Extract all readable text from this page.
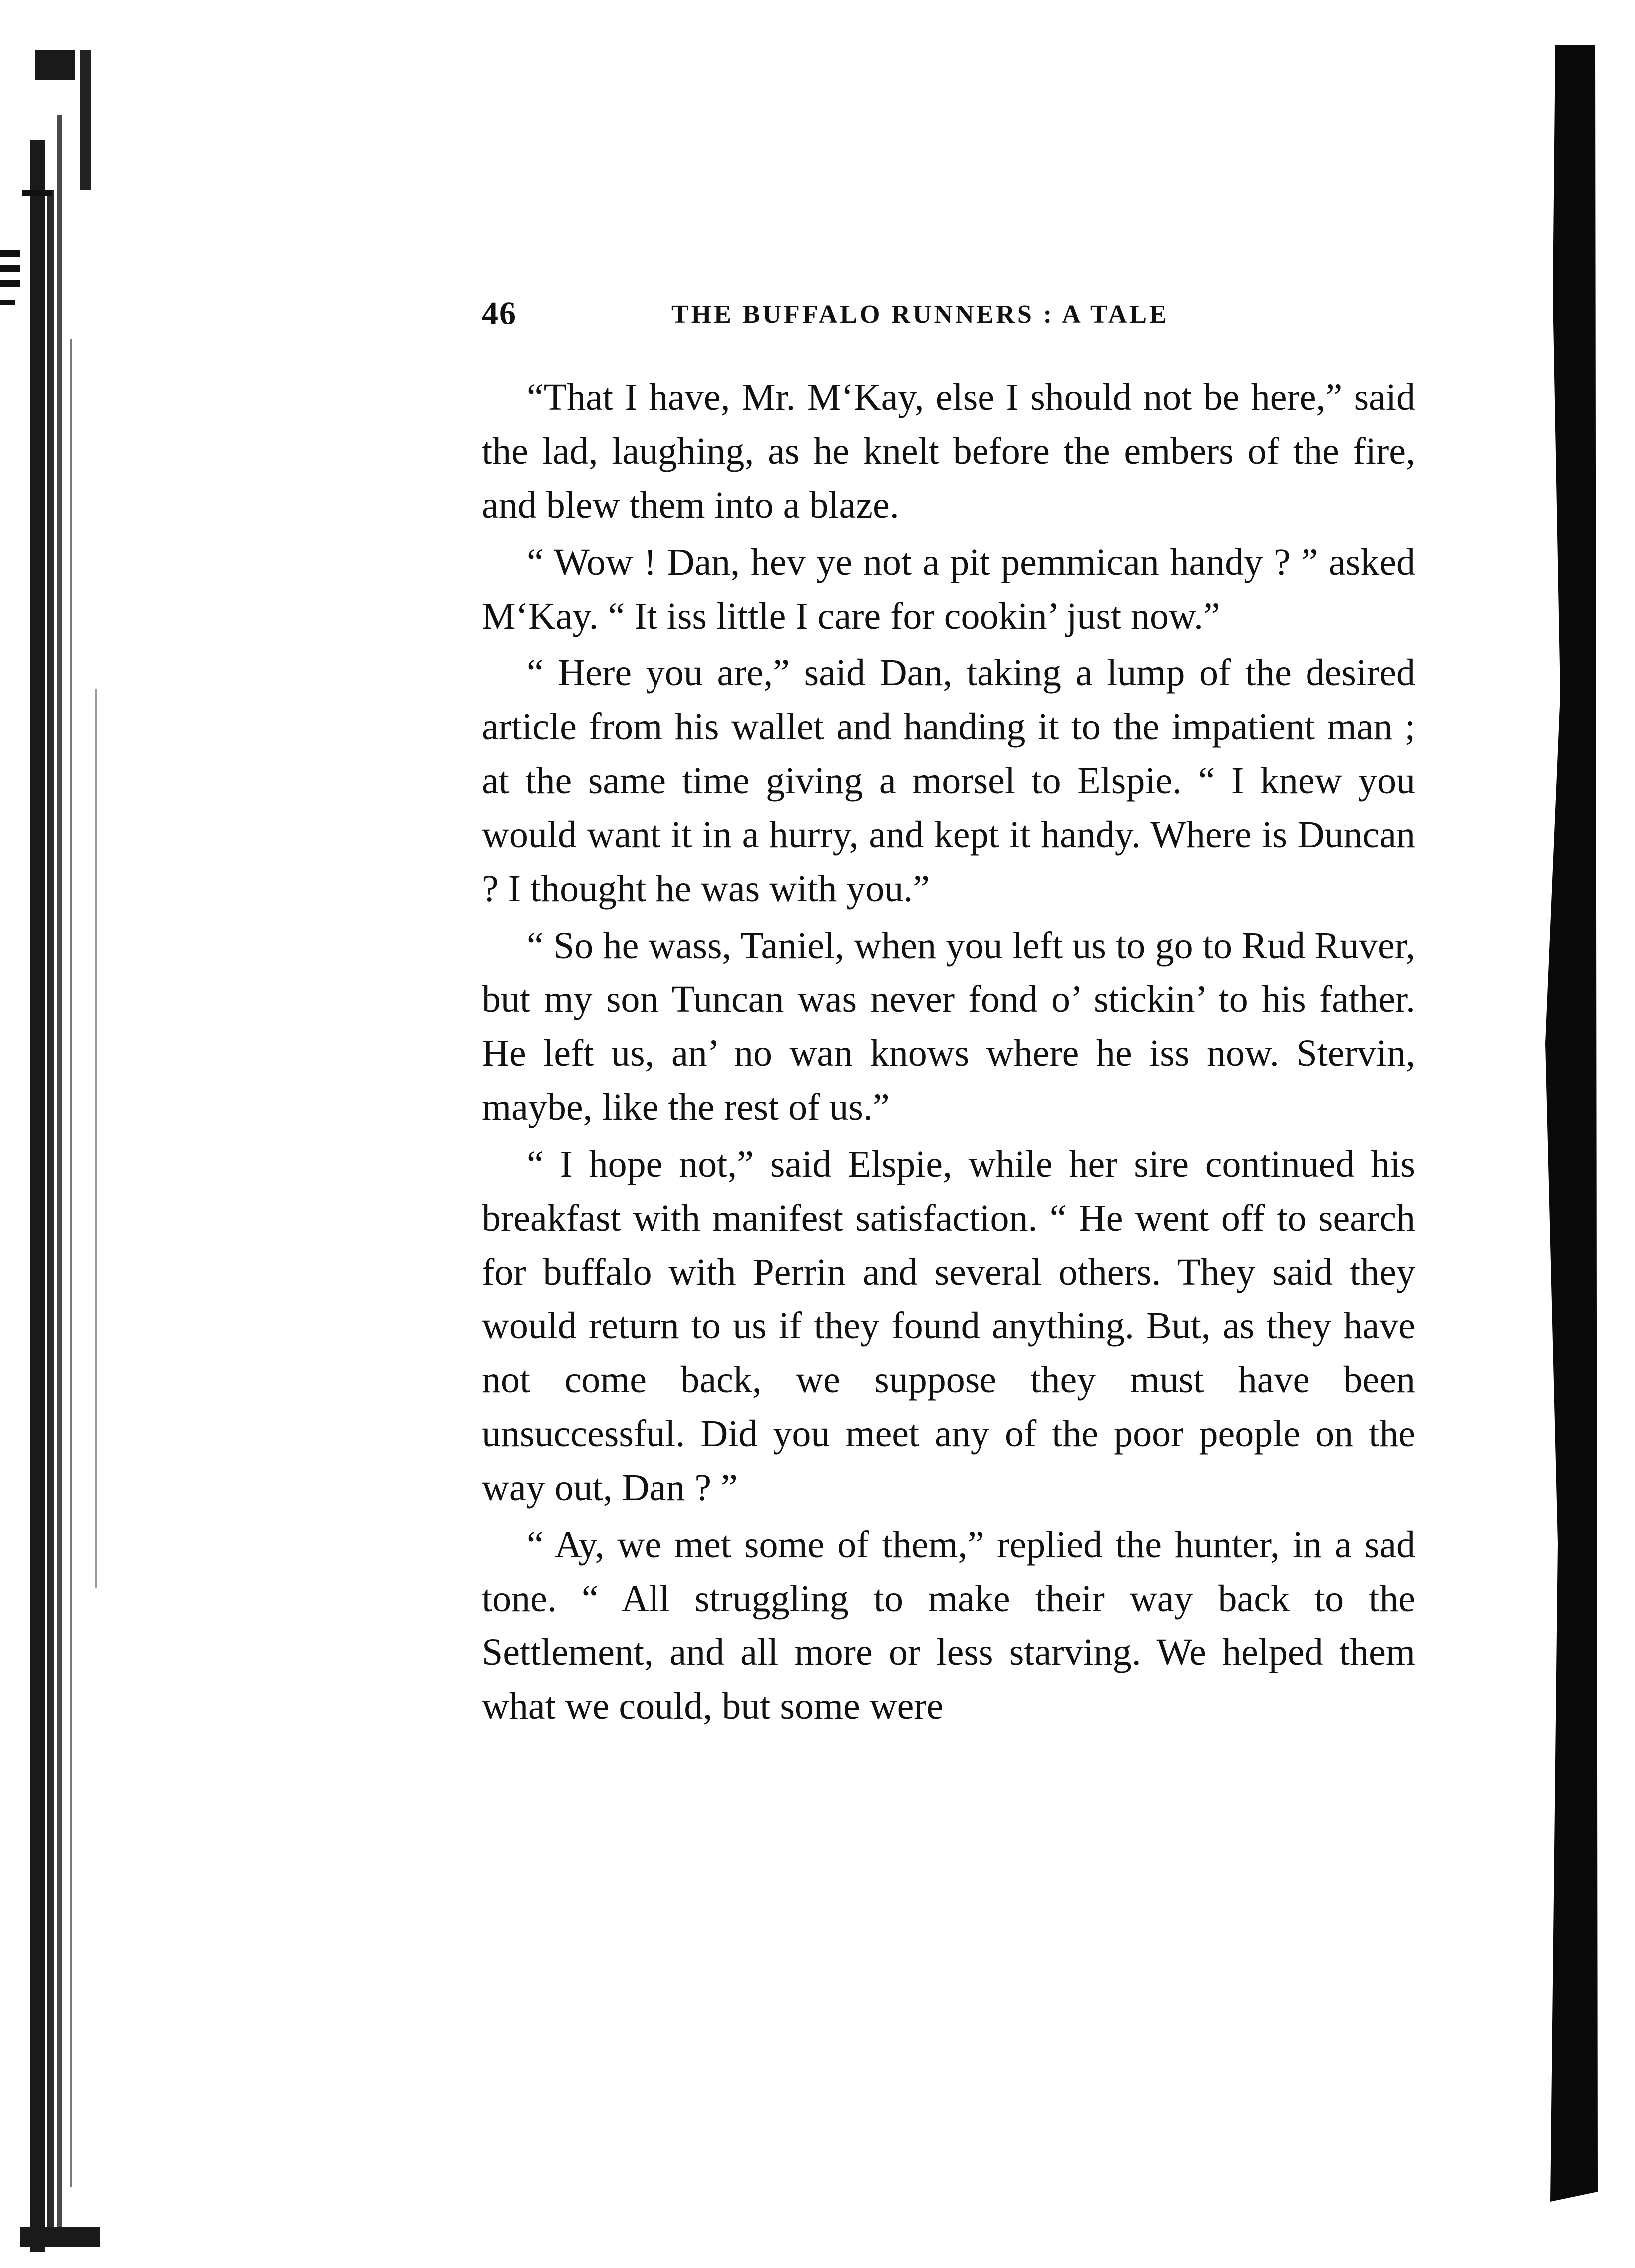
46	THE BUFFALO RUNNERS : A TALE

“That I have, Mr. M‘Kay, else I should not be here,” said the lad, laughing, as he knelt before the embers of the fire, and blew them into a blaze.

“ Wow ! Dan, hev ye not a pit pemmican handy ? ” asked M‘Kay. “ It iss little I care for cookin’ just now.”

“ Here you are,” said Dan, taking a lump of the desired article from his wallet and handing it to the impatient man ; at the same time giving a morsel to Elspie. “ I knew you would want it in a hurry, and kept it handy. Where is Duncan ? I thought he was with you.”

“ So he wass, Taniel, when you left us to go to Rud Ruver, but my son Tuncan was never fond o’ stickin’ to his father. He left us, an’ no wan knows where he iss now. Stervin, maybe, like the rest of us.”

“ I hope not,” said Elspie, while her sire continued his breakfast with manifest satisfaction. “ He went off to search for buffalo with Perrin and several others. They said they would return to us if they found anything. But, as they have not come back, we suppose they must have been unsuccessful. Did you meet any of the poor people on the way out, Dan ? ”

“ Ay, we met some of them,” replied the hunter, in a sad tone. “ All struggling to make their way back to the Settlement, and all more or less starving. We helped them what we could, but some were
